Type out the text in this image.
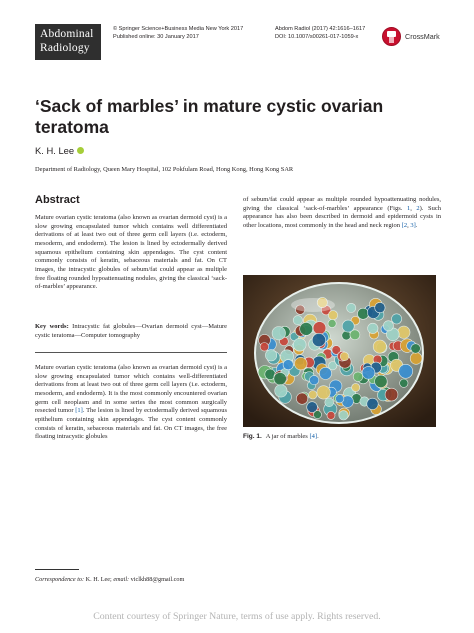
Abdominal
Radiology
© Springer Science+Business Media New York 2017
Published online: 30 January 2017
Abdom Radiol (2017) 42:1616–1617
DOI: 10.1007/s00261-017-1059-x	CrossMark
‘Sack of marbles’ in mature cystic ovarian teratoma
K. H. Lee
Department of Radiology, Queen Mary Hospital, 102 Pokfulam Road, Hong Kong, Hong Kong SAR
Abstract
Mature ovarian cystic teratoma (also known as ovarian dermoid cyst) is a slow growing encapsulated tumor which contains well differentiated derivations of at least two out of three germ cell layers (i.e. ectoderm, mesoderm, and endoderm). The lesion is lined by ectodermally derived squamous epithelium containing skin appendages. The cyst content commonly consists of keratin, sebaceous materials and fat. On CT images, the intracystic globules of sebum/fat could appear as multiple free floating rounded hypoattenuating nodules, giving the classical ‘sack-of-marbles’ appearance.
Key words: Intracystic fat globules—Ovarian dermoid cyst—Mature cystic teratoma—Computer tomography
Mature ovarian cystic teratoma (also known as ovarian dermoid cyst) is a slow growing encapsulated tumor which contains well-differentiated derivations from at least two out of three germ cell layers (i.e. ectoderm, mesoderm, and endoderm). It is the most commonly encountered ovarian germ cell neoplasm and in some series the most common surgically resected tumor [1]. The lesion is lined by ectodermally derived squamous epithelium containing skin appendages. The cyst content commonly consists of keratin, sebaceous materials and fat. On CT images, the free floating intracystic globules
of sebum/fat could appear as multiple rounded hypoattenuating nodules, giving the classical ‘sack-of-marbles’ appearance (Figs. 1, 2). Such appearance has also been described in dermoid and epidermoid cysts in other locations, most commonly in the head and neck region [2, 3].
Fig. 1. A jar of marbles [4].
Correspondence to: K. H. Lee; email: viclkh88@gmail.com
Content courtesy of Springer Nature, terms of use apply. Rights reserved.
